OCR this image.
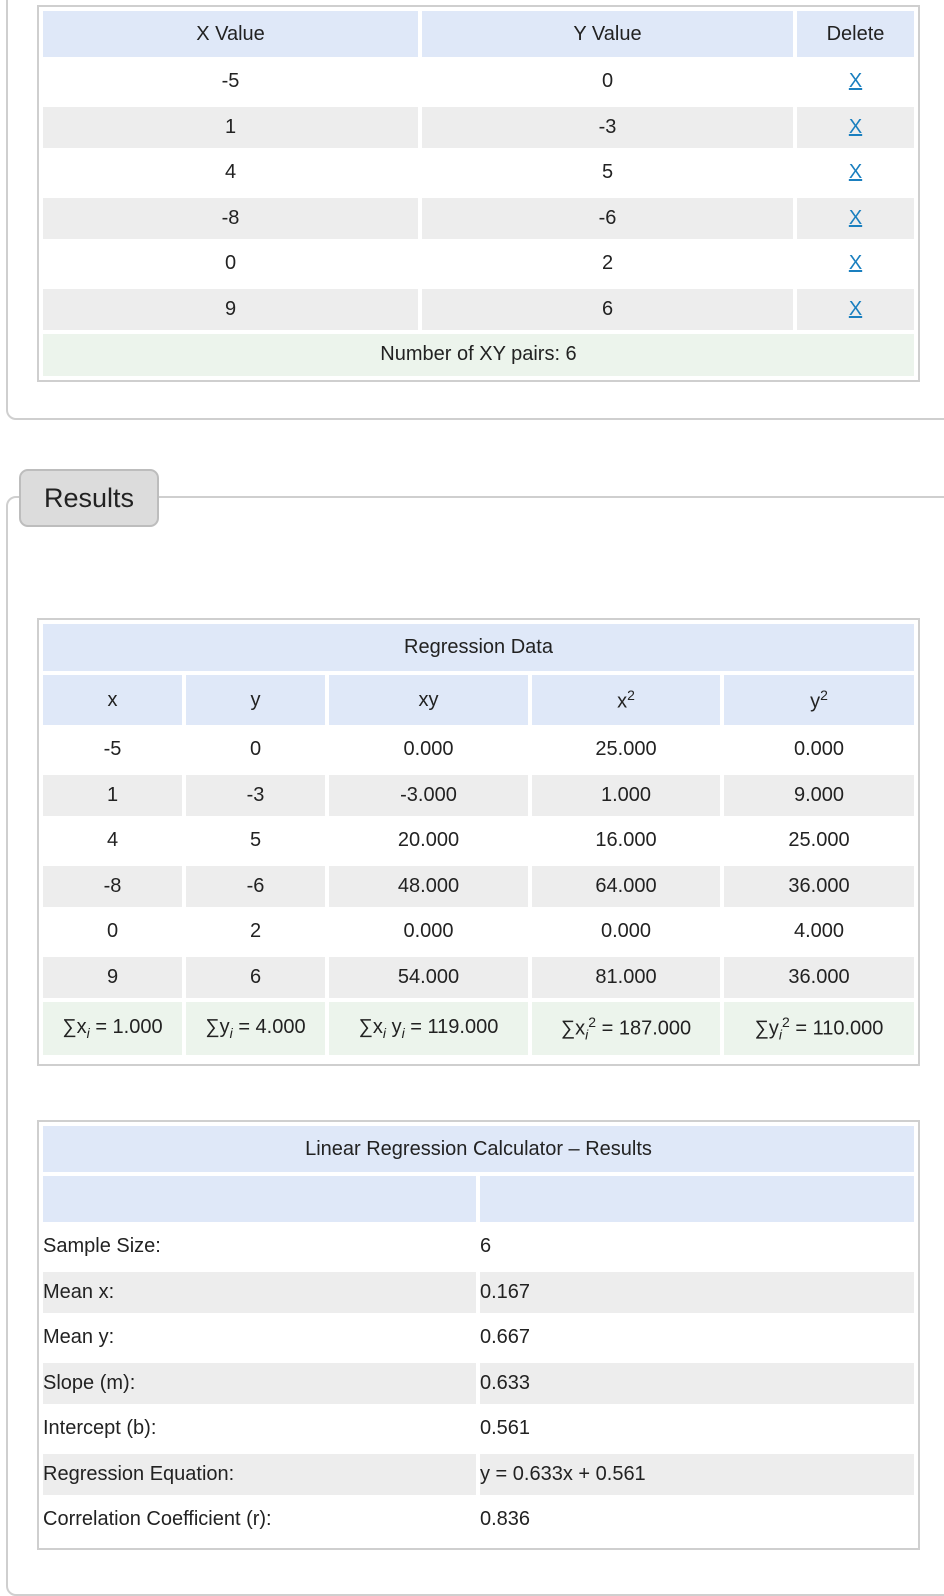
X Value	Y Value	Delete
-5	0	X
1	-3	X
4	5	X
-8	-6	X
0	2	X
9	6	X
Number of XY pairs: 6		
Results
Regression Data				
x	y	xy	$x^2$	$y^2$
-5	0	0.000	25.000	0.000
1	-3	-3.000	1.000	9.000
4	5	20.000	16.000	25.000
-8	-6	48.000	64.000	36.000
0	2	0.000	0.000	4.000
9	6	54.000	81.000	36.000
$\sum x_i = 1.000$	$\sum y_i = 4.000$	$\sum x_i$ $y_i = 119.000$	$\sum x_i^2 = 187.000$	$\sum y_i^2 = 110.000$
Linear Regression Calculator – Results	

Sample Size:	6
Mean x:	0.167
Mean y:	0.667
Slope (m):	0.633
Intercept (b):	0.561
Regression Equation:	y = 0.633x + 0.561
Correlation Coefficient (r):	0.836
